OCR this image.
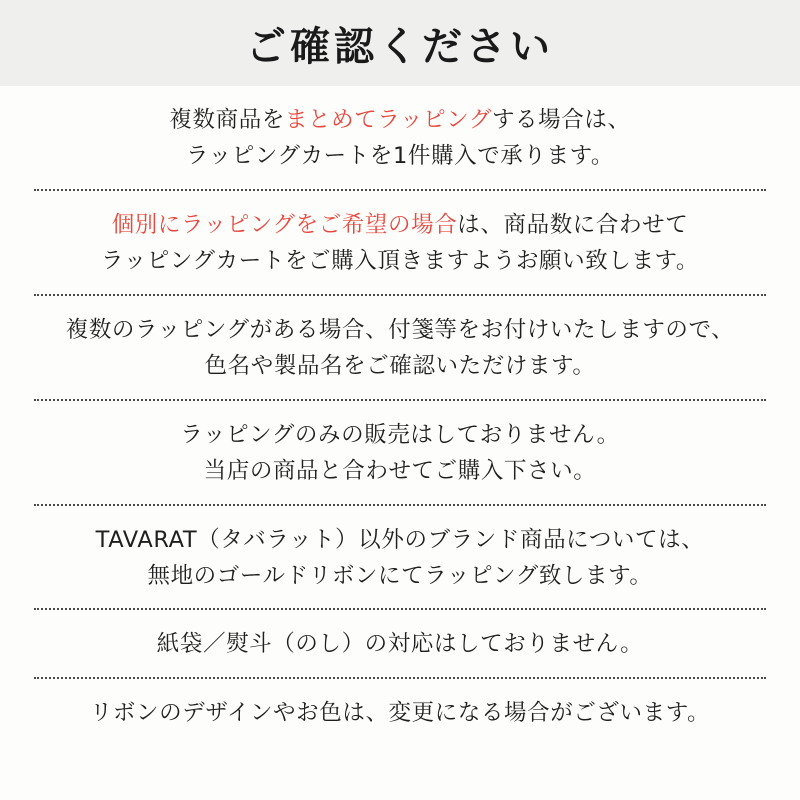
ご確認ください
複数商品をまとめてラッピングする場合は、
ラッピングカートを1件購入で承ります。
個別にラッピングをご希望の場合は、商品数に合わせて
ラッピングカートをご購入頂きますようお願い致します。
複数のラッピングがある場合、付箋等をお付けいたしますので、
色名や製品名をご確認いただけます。
ラッピングのみの販売はしておりません。
当店の商品と合わせてご購入下さい。
TAVARAT（タバラット）以外のブランド商品については、
無地のゴールドリボンにてラッピング致します。
紙袋／熨斗（のし）の対応はしておりません。
リボンのデザインやお色は、変更になる場合がございます。
